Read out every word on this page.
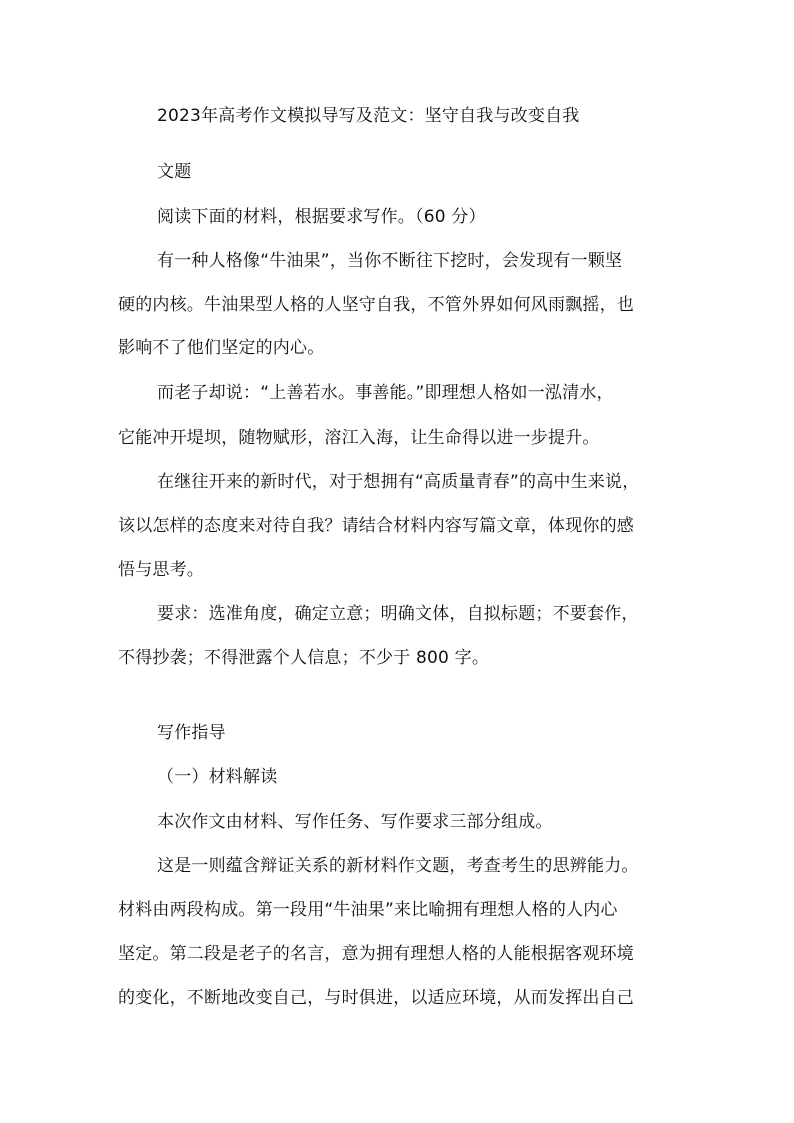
2023年高考作文模拟导写及范文：坚守自我与改变自我
文题
阅读下面的材料，根据要求写作。（60 分）
有一种人格像“牛油果”，当你不断往下挖时，会发现有一颗坚
硬的内核。牛油果型人格的人坚守自我，不管外界如何风雨飘摇，也
影响不了他们坚定的内心。
而老子却说：“上善若水。事善能。”即理想人格如一泓清水，
它能冲开堤坝，随物赋形，溶江入海，让生命得以进一步提升。
在继往开来的新时代，对于想拥有“高质量青春”的高中生来说，
该以怎样的态度来对待自我？请结合材料内容写篇文章，体现你的感
悟与思考。
要求：选准角度，确定立意；明确文体，自拟标题；不要套作，
不得抄袭；不得泄露个人信息；不少于 800 字。
写作指导
（一）材料解读
本次作文由材料、写作任务、写作要求三部分组成。
这是一则蕴含辩证关系的新材料作文题，考查考生的思辨能力。
材料由两段构成。第一段用“牛油果”来比喻拥有理想人格的人内心
坚定。第二段是老子的名言，意为拥有理想人格的人能根据客观环境
的变化，不断地改变自己，与时俱进，以适应环境，从而发挥出自己
